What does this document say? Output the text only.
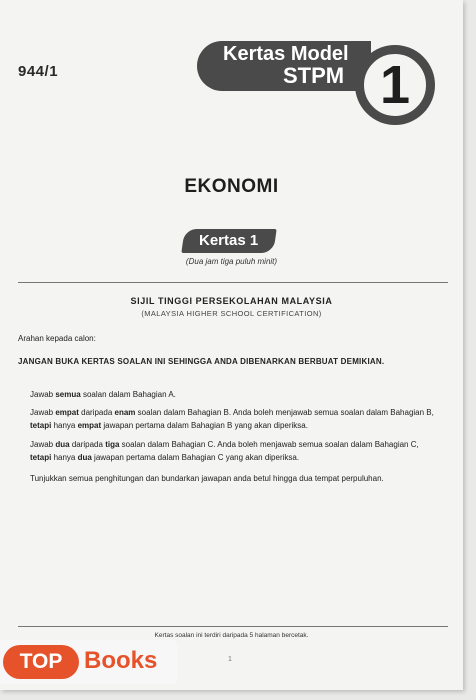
944/1
Kertas Model
STPM 1
EKONOMI
Kertas 1
(Dua jam tiga puluh minit)
SIJIL TINGGI PERSEKOLAHAN MALAYSIA
(MALAYSIA HIGHER SCHOOL CERTIFICATION)
Arahan kepada calon:
JANGAN BUKA KERTAS SOALAN INI SEHINGGA ANDA DIBENARKAN BERBUAT DEMIKIAN.
Jawab semua soalan dalam Bahagian A.
Jawab empat daripada enam soalan dalam Bahagian B. Anda boleh menjawab semua soalan dalam Bahagian B, tetapi hanya empat jawapan pertama dalam Bahagian B yang akan diperiksa.
Jawab dua daripada tiga soalan dalam Bahagian C. Anda boleh menjawab semua soalan dalam Bahagian C, tetapi hanya dua jawapan pertama dalam Bahagian C yang akan diperiksa.
Tunjukkan semua penghitungan dan bundarkan jawapan anda betul hingga dua tempat perpuluhan.
Kertas soalan ini terdiri daripada 5 halaman bercetak.
1
TOP Books
